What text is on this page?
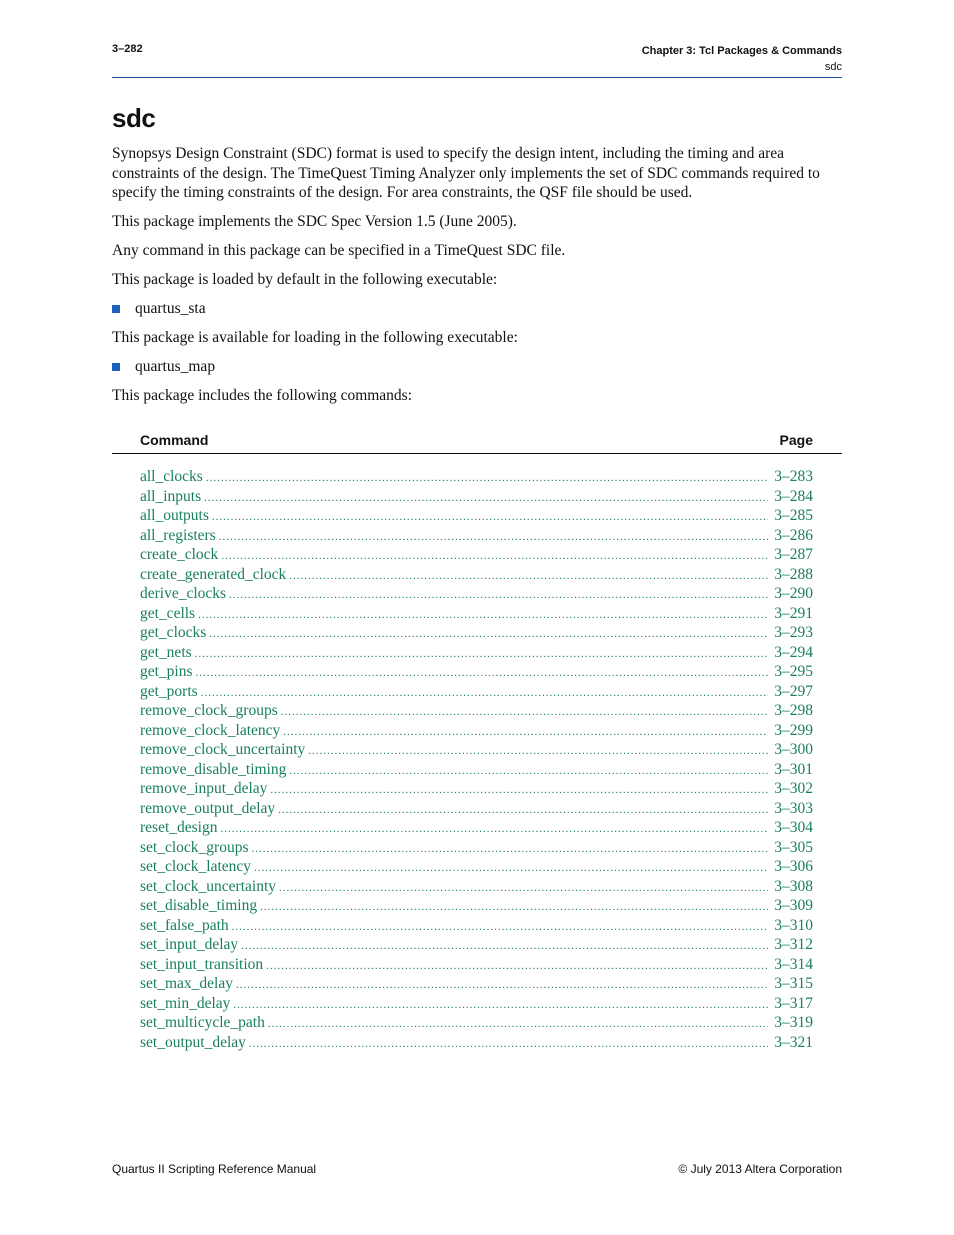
3–282	Chapter 3: Tcl Packages & Commands
sdc
sdc

Synopsys Design Constraint (SDC) format is used to specify the design intent, including the timing and area constraints of the design. The TimeQuest Timing Analyzer only implements the set of SDC commands required to specify the timing constraints of the design. For area constraints, the QSF file should be used.

This package implements the SDC Spec Version 1.5 (June 2005).

Any command in this package can be specified in a TimeQuest SDC file.

This package is loaded by default in the following executable:

quartus_sta

This package is available for loading in the following executable:

quartus_map

This package includes the following commands:

Command	Page
all_clocks .....	3–283
all_inputs .....	3–284
all_outputs .....	3–285
all_registers .....	3–286
create_clock .....	3–287
create_generated_clock .....	3–288
derive_clocks .....	3–290
get_cells .....	3–291
get_clocks .....	3–293
get_nets .....	3–294
get_pins .....	3–295
get_ports .....	3–297
remove_clock_groups .....	3–298
remove_clock_latency .....	3–299
remove_clock_uncertainty .....	3–300
remove_disable_timing .....	3–301
remove_input_delay .....	3–302
remove_output_delay .....	3–303
reset_design .....	3–304
set_clock_groups .....	3–305
set_clock_latency .....	3–306
set_clock_uncertainty .....	3–308
set_disable_timing .....	3–309
set_false_path .....	3–310
set_input_delay .....	3–312
set_input_transition .....	3–314
set_max_delay .....	3–315
set_min_delay .....	3–317
set_multicycle_path .....	3–319
set_output_delay .....	3–321
Quartus II Scripting Reference Manual	© July 2013 Altera Corporation
